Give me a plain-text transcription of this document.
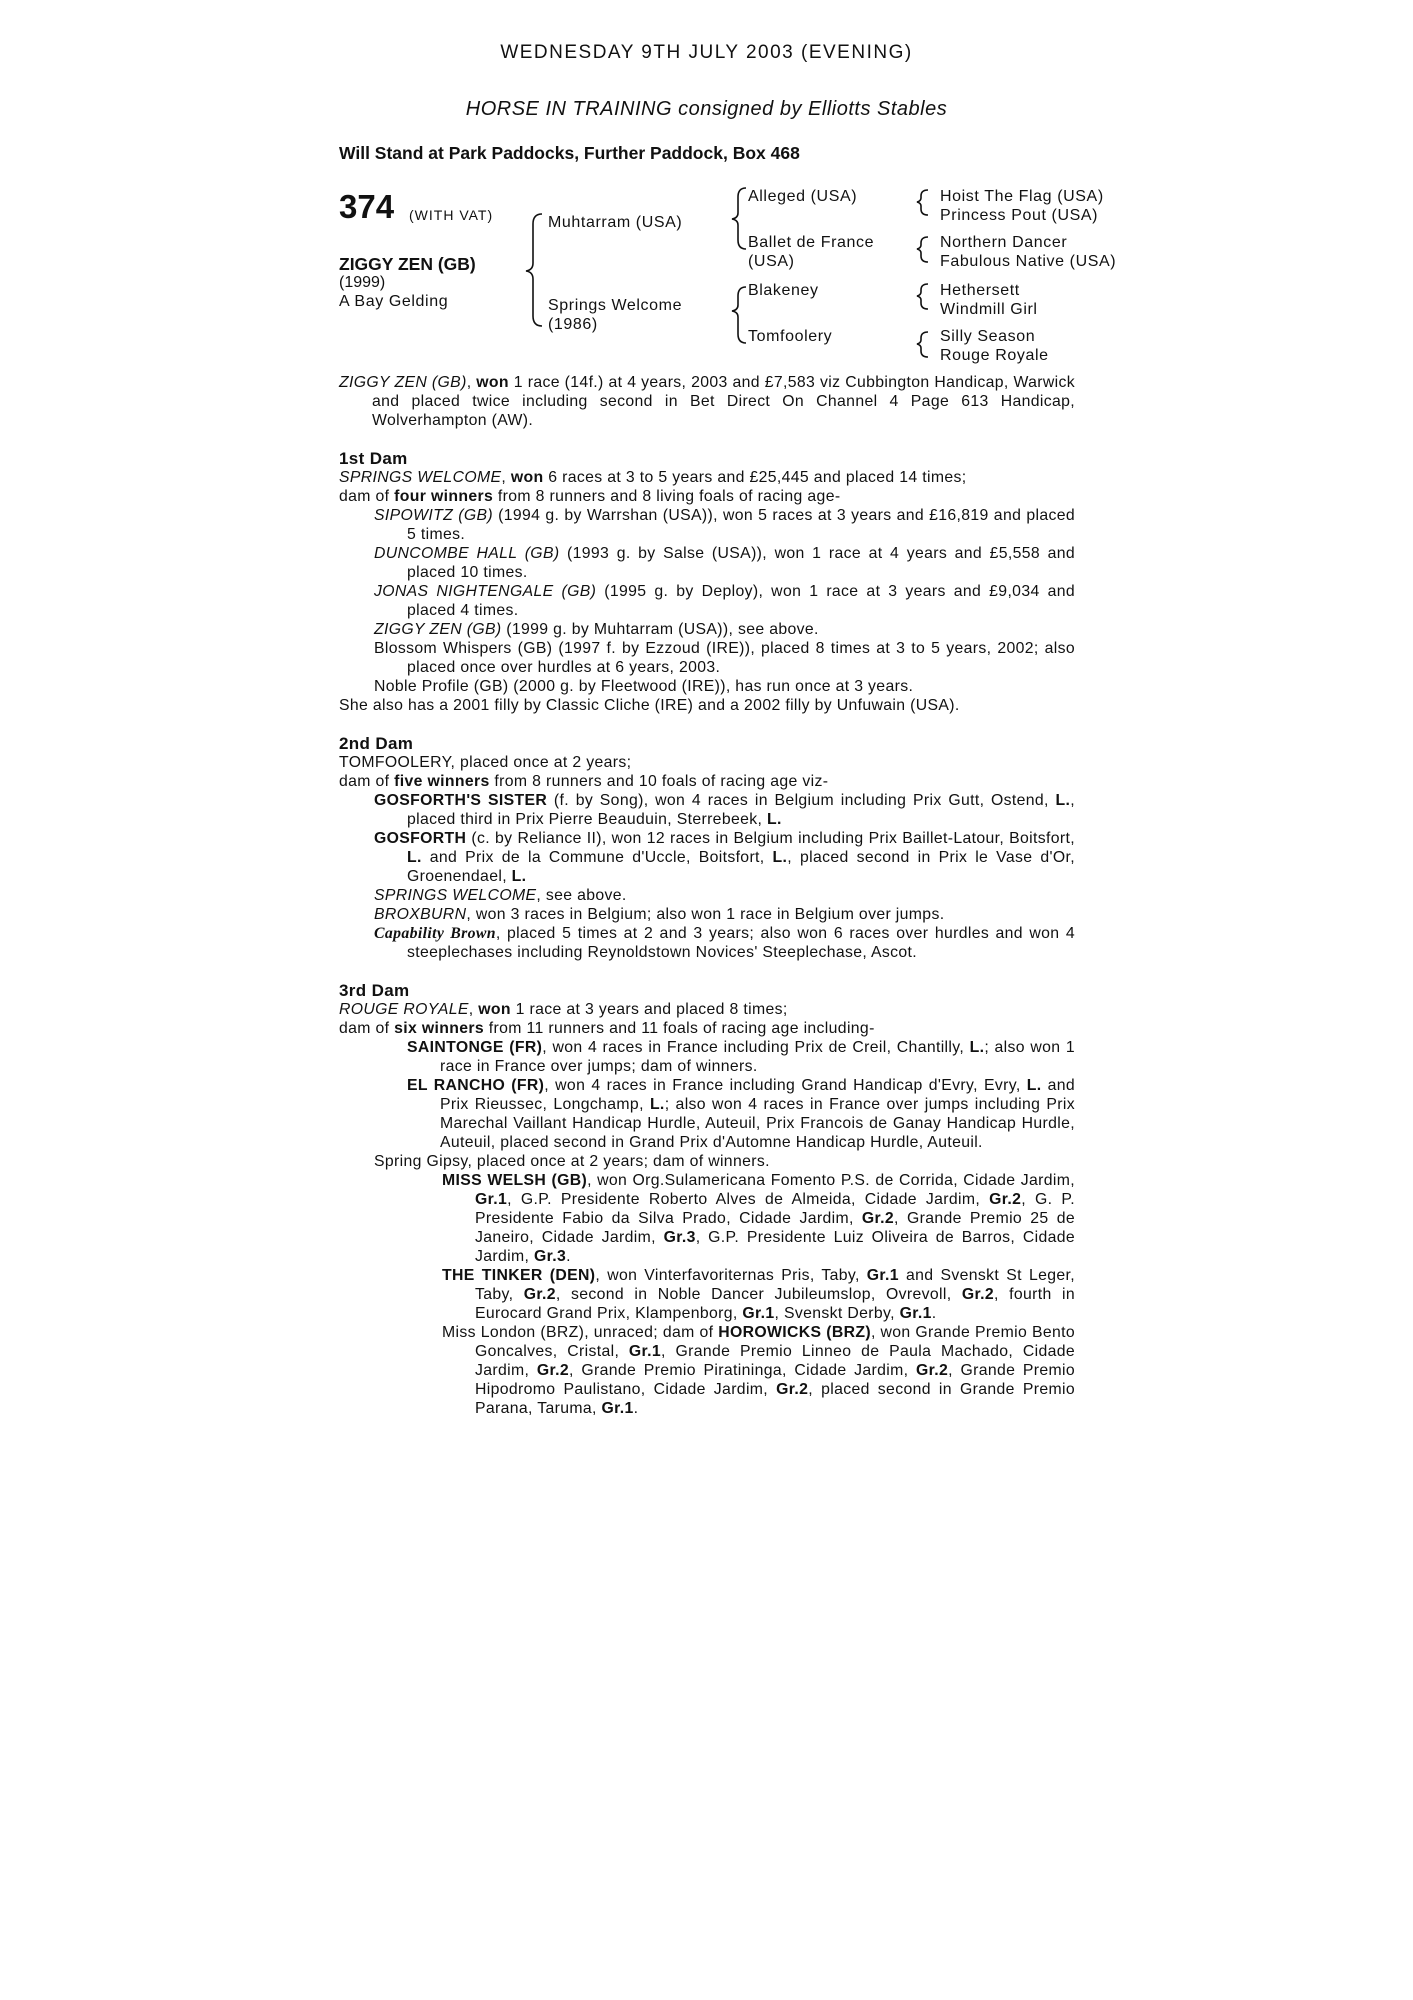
WEDNESDAY 9TH JULY 2003 (EVENING)
HORSE IN TRAINING consigned by Elliotts Stables
Will Stand at Park Paddocks, Further Paddock, Box 468
374 (WITH VAT)
ZIGGY ZEN (GB)
(1999)
A Bay Gelding
Muhtarram (USA)
Springs Welcome
(1986)
Alleged (USA)
Ballet de France
(USA)
Blakeney
Tomfoolery
Hoist The Flag (USA)
Princess Pout (USA)
Northern Dancer
Fabulous Native (USA)
Hethersett
Windmill Girl
Silly Season
Rouge Royale

ZIGGY ZEN (GB), won 1 race (14f.) at 4 years, 2003 and £7,583 viz Cubbington Handicap, Warwick and placed twice including second in Bet Direct On Channel 4 Page 613 Handicap, Wolverhampton (AW).

1st Dam

SPRINGS WELCOME, won 6 races at 3 to 5 years and £25,445 and placed 14 times;

dam of four winners from 8 runners and 8 living foals of racing age-

SIPOWITZ (GB) (1994 g. by Warrshan (USA)), won 5 races at 3 years and £16,819 and placed 5 times.

DUNCOMBE HALL (GB) (1993 g. by Salse (USA)), won 1 race at 4 years and £5,558 and placed 10 times.

JONAS NIGHTENGALE (GB) (1995 g. by Deploy), won 1 race at 3 years and £9,034 and placed 4 times.

ZIGGY ZEN (GB) (1999 g. by Muhtarram (USA)), see above.

Blossom Whispers (GB) (1997 f. by Ezzoud (IRE)), placed 8 times at 3 to 5 years, 2002; also placed once over hurdles at 6 years, 2003.

Noble Profile (GB) (2000 g. by Fleetwood (IRE)), has run once at 3 years.

She also has a 2001 filly by Classic Cliche (IRE) and a 2002 filly by Unfuwain (USA).

2nd Dam

TOMFOOLERY, placed once at 2 years;

dam of five winners from 8 runners and 10 foals of racing age viz-

GOSFORTH'S SISTER (f. by Song), won 4 races in Belgium including Prix Gutt, Ostend, L., placed third in Prix Pierre Beauduin, Sterrebeek, L.

GOSFORTH (c. by Reliance II), won 12 races in Belgium including Prix Baillet-Latour, Boitsfort, L. and Prix de la Commune d'Uccle, Boitsfort, L., placed second in Prix le Vase d'Or, Groenendael, L.

SPRINGS WELCOME, see above.

BROXBURN, won 3 races in Belgium; also won 1 race in Belgium over jumps.

Capability Brown, placed 5 times at 2 and 3 years; also won 6 races over hurdles and won 4 steeplechases including Reynoldstown Novices' Steeplechase, Ascot.

3rd Dam

ROUGE ROYALE, won 1 race at 3 years and placed 8 times;

dam of six winners from 11 runners and 11 foals of racing age including-

SAINTONGE (FR), won 4 races in France including Prix de Creil, Chantilly, L.; also won 1 race in France over jumps; dam of winners.

EL RANCHO (FR), won 4 races in France including Grand Handicap d'Evry, Evry, L. and Prix Rieussec, Longchamp, L.; also won 4 races in France over jumps including Prix Marechal Vaillant Handicap Hurdle, Auteuil, Prix Francois de Ganay Handicap Hurdle, Auteuil, placed second in Grand Prix d'Automne Handicap Hurdle, Auteuil.

Spring Gipsy, placed once at 2 years; dam of winners.

MISS WELSH (GB), won Org.Sulamericana Fomento P.S. de Corrida, Cidade Jardim, Gr.1, G.P. Presidente Roberto Alves de Almeida, Cidade Jardim, Gr.2, G. P. Presidente Fabio da Silva Prado, Cidade Jardim, Gr.2, Grande Premio 25 de Janeiro, Cidade Jardim, Gr.3, G.P. Presidente Luiz Oliveira de Barros, Cidade Jardim, Gr.3.

THE TINKER (DEN), won Vinterfavoriternas Pris, Taby, Gr.1 and Svenskt St Leger, Taby, Gr.2, second in Noble Dancer Jubileumslop, Ovrevoll, Gr.2, fourth in Eurocard Grand Prix, Klampenborg, Gr.1, Svenskt Derby, Gr.1.

Miss London (BRZ), unraced; dam of HOROWICKS (BRZ), won Grande Premio Bento Goncalves, Cristal, Gr.1, Grande Premio Linneo de Paula Machado, Cidade Jardim, Gr.2, Grande Premio Piratininga, Cidade Jardim, Gr.2, Grande Premio Hipodromo Paulistano, Cidade Jardim, Gr.2, placed second in Grande Premio Parana, Taruma, Gr.1.
